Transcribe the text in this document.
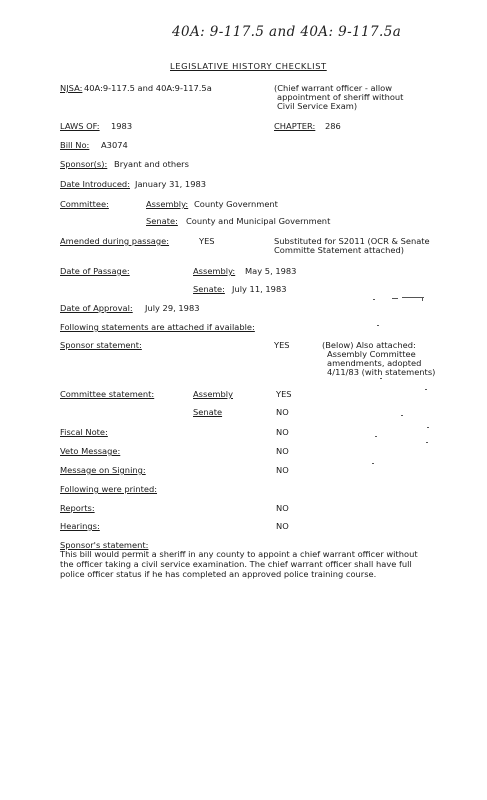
40A: 9-117.5 and 40A: 9-117.5a
LEGISLATIVE HISTORY CHECKLIST
NJSA: 40A:9-117.5 and 40A:9-117.5a	(Chief warrant officer - allow
appointment of sheriff without
Civil Service Exam)
LAWS OF: 1983	CHAPTER: 286
Bill No: A3074
Sponsor(s): Bryant and others
Date Introduced: January 31, 1983
Committee:	Assembly: County Government
Senate: County and Municipal Government
Amended during passage:	YES	Substituted for S2011 (OCR & Senate
Committe Statement attached)
Date of Passage:	Assembly: May 5, 1983
Senate: July 11, 1983
Date of Approval: July 29, 1983
Following statements are attached if available:
Sponsor statement:	YES	(Below) Also attached:
Assembly Committee
amendments, adopted
4/11/83 (with statements)
Committee statement:	Assembly	YES
Senate	NO
Fiscal Note:	NO
Veto Message:	NO
Message on Signing:	NO
Following were printed:
Reports:	NO
Hearings:	NO
Sponsor's statement:
This bill would permit a sheriff in any county to appoint a chief warrant officer without
the officer taking a civil service examination. The chief warrant officer shall have full
police officer status if he has completed an approved police training course.
